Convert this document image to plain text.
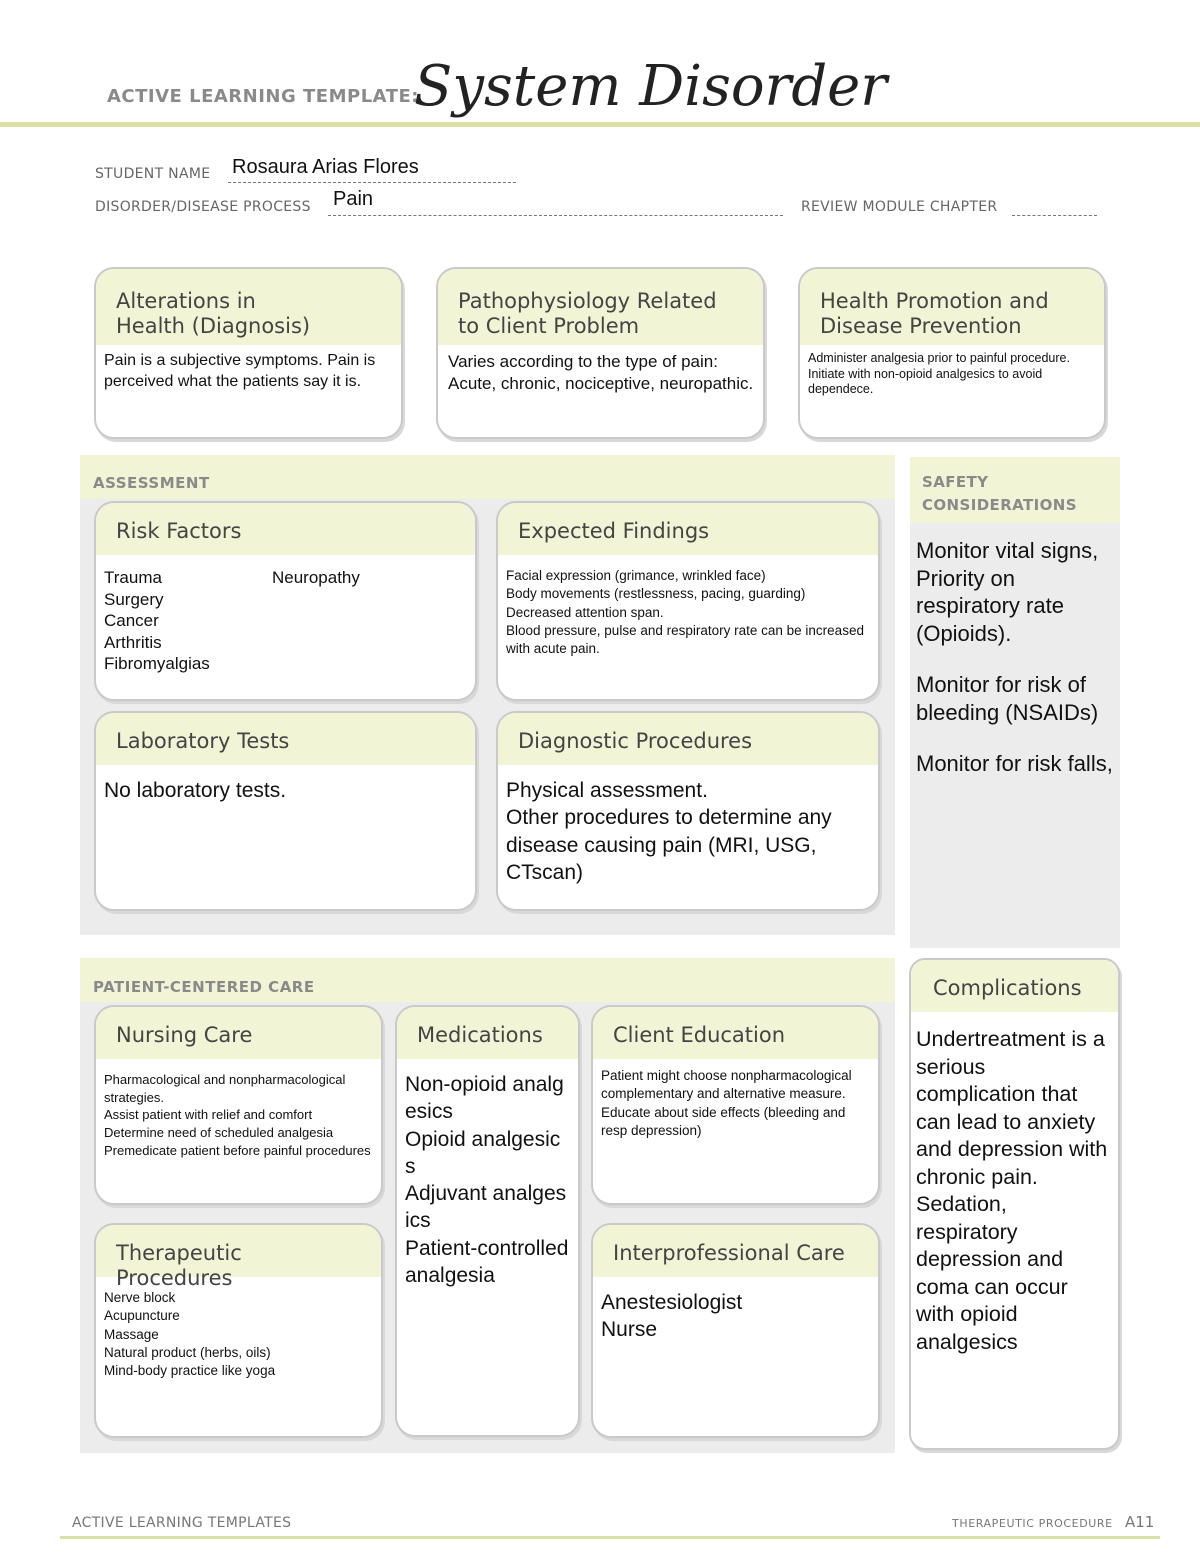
ACTIVE LEARNING TEMPLATE:
System Disorder
STUDENT NAME Rosaura Arias Flores
DISORDER/DISEASE PROCESS Pain	REVIEW MODULE CHAPTER
Alterations in
Health (Diagnosis)
Pain is a subjective symptoms. Pain is perceived what the patients say it is.
Pathophysiology Related
to Client Problem
Varies according to the type of pain: Acute, chronic, nociceptive, neuropathic.
Health Promotion and
Disease Prevention
Administer analgesia prior to painful procedure. Initiate with non-opioid analgesics to avoid dependece.
ASSESSMENT
Risk Factors
Trauma
Surgery
Cancer
Arthritis
Fibromyalgias
Neuropathy
Expected Findings
Facial expression (grimance, wrinkled face)
Body movements (restlessness, pacing, guarding)
Decreased attention span.
Blood pressure, pulse and respiratory rate can be increased with acute pain.
Laboratory Tests
No laboratory tests.
Diagnostic Procedures
Physical assessment.
Other procedures to determine any disease causing pain (MRI, USG, CTscan)
SAFETY
CONSIDERATIONS

Monitor vital signs, Priority on respiratory rate (Opioids).

Monitor for risk of bleeding (NSAIDs)

Monitor for risk falls,

PATIENT-CENTERED CARE
Nursing Care
Pharmacological and nonpharmacological strategies.
Assist patient with relief and comfort
Determine need of scheduled analgesia
Premedicate patient before painful procedures
Medications
Non-opioid analgesics
Opioid analgesics
Adjuvant analgesics
Patient-controlled analgesia
Client Education
Patient might choose nonpharmacological complementary and alternative measure.
Educate about side effects (bleeding and resp depression)
Therapeutic Procedures
Nerve block
Acupuncture
Massage
Natural product (herbs, oils)
Mind-body practice like yoga
Interprofessional Care
Anestesiologist
Nurse
Complications
Undertreatment is a serious complication that can lead to anxiety and depression with chronic pain. Sedation, respiratory depression and coma can occur with opioid analgesics
ACTIVE LEARNING TEMPLATES	THERAPEUTIC PROCEDURE A11
